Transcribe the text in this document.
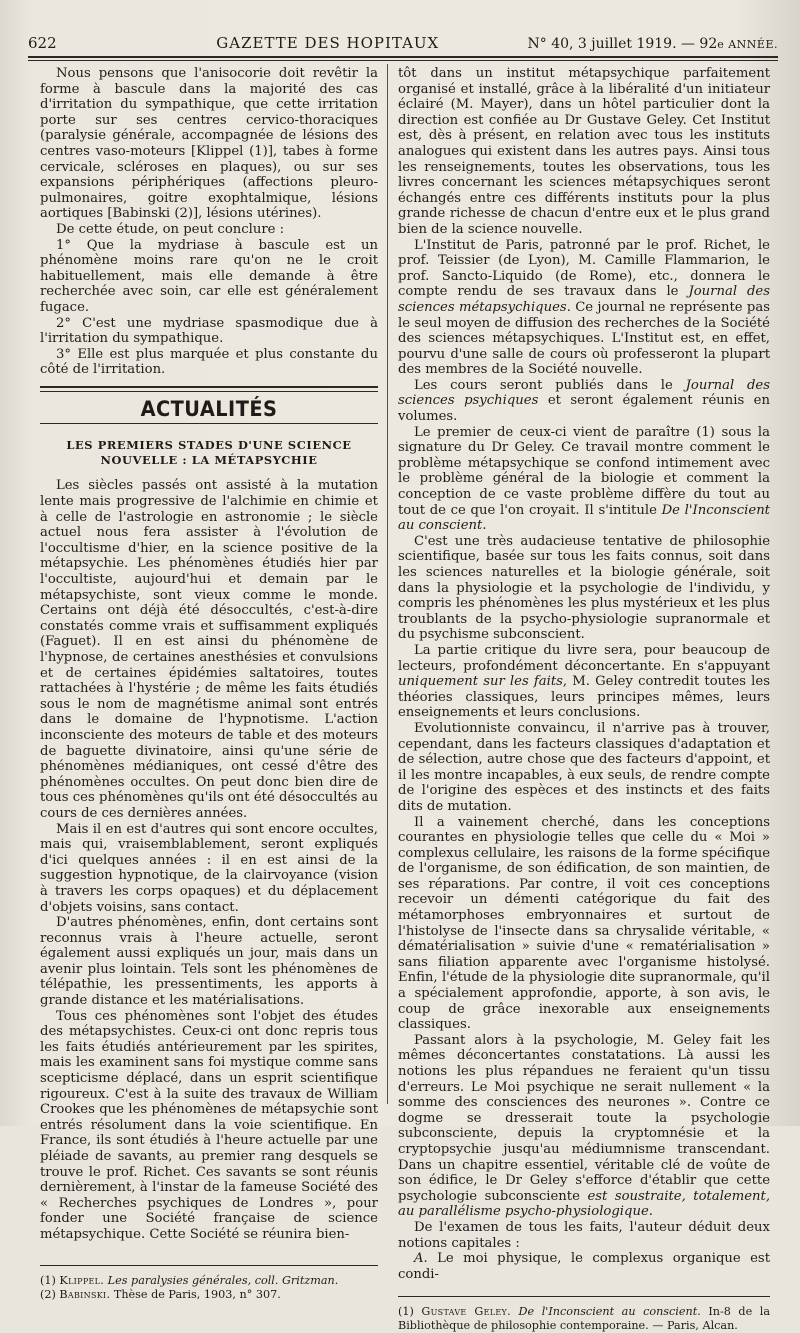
622	GAZETTE DES HOPITAUX	N° 40, 3 juillet 1919. — 92e ANNÉE.

Nous pensons que l'anisocorie doit revêtir la forme à bascule dans la majorité des cas d'irritation du sympathique, que cette irritation porte sur ses centres cervico-thoraciques (paralysie générale, accompagnée de lésions des centres vaso-moteurs [Klippel (1)], tabes à forme cervicale, scléroses en plaques), ou sur ses expansions périphériques (affections pleuro-pulmonaires, goitre exophtalmique, lésions aortiques [Babinski (2)], lésions utérines).

De cette étude, on peut conclure :

1° Que la mydriase à bascule est un phénomène moins rare qu'on ne le croit habituellement, mais elle demande à être recherchée avec soin, car elle est généralement fugace.

2° C'est une mydriase spasmodique due à l'irritation du sympathique.

3° Elle est plus marquée et plus constante du côté de l'irritation.

ACTUALITÉS
LES PREMIERS STADES D'UNE SCIENCE NOUVELLE : LA MÉTAPSYCHIE

Les siècles passés ont assisté à la mutation lente mais progressive de l'alchimie en chimie et à celle de l'astrologie en astronomie ; le siècle actuel nous fera assister à l'évolution de l'occultisme d'hier, en la science positive de la métapsychie. Les phénomènes étudiés hier par l'occultiste, aujourd'hui et demain par le métapsychiste, sont vieux comme le monde. Certains ont déjà été désoccultés, c'est-à-dire constatés comme vrais et suffisamment expliqués (Faguet). Il en est ainsi du phénomène de l'hypnose, de certaines anesthésies et convulsions et de certaines épidémies saltatoires, toutes rattachées à l'hystérie ; de même les faits étudiés sous le nom de magnétisme animal sont entrés dans le domaine de l'hypnotisme. L'action inconsciente des moteurs de table et des moteurs de baguette divinatoire, ainsi qu'une série de phénomènes médianiques, ont cessé d'être des phénomènes occultes. On peut donc bien dire de tous ces phénomènes qu'ils ont été désoccultés au cours de ces dernières années.

Mais il en est d'autres qui sont encore occultes, mais qui, vraisemblablement, seront expliqués d'ici quelques années : il en est ainsi de la suggestion hypnotique, de la clairvoyance (vision à travers les corps opaques) et du déplacement d'objets voisins, sans contact.

D'autres phénomènes, enfin, dont certains sont reconnus vrais à l'heure actuelle, seront également aussi expliqués un jour, mais dans un avenir plus lointain. Tels sont les phénomènes de télépathie, les pressentiments, les apports à grande distance et les matérialisations.

Tous ces phénomènes sont l'objet des études des métapsychistes. Ceux-ci ont donc repris tous les faits étudiés antérieurement par les spirites, mais les examinent sans foi mystique comme sans scepticisme déplacé, dans un esprit scientifique rigoureux. C'est à la suite des travaux de William Crookes que les phénomènes de métapsychie sont entrés résolument dans la voie scientifique. En France, ils sont étudiés à l'heure actuelle par une pléiade de savants, au premier rang desquels se trouve le prof. Richet. Ces savants se sont réunis dernièrement, à l'instar de la fameuse Société des « Recherches psychiques de Londres », pour fonder une Société française de science métapsychique. Cette Société se réunira bien-

(1) Klippel. Les paralysies générales, coll. Gritzman.

(2) Babinski. Thèse de Paris, 1903, n° 307.

tôt dans un institut métapsychique parfaitement organisé et installé, grâce à la libéralité d'un initiateur éclairé (M. Mayer), dans un hôtel particulier dont la direction est confiée au Dr Gustave Geley. Cet Institut est, dès à présent, en relation avec tous les instituts analogues qui existent dans les autres pays. Ainsi tous les renseignements, toutes les observations, tous les livres concernant les sciences métapsychiques seront échangés entre ces différents instituts pour la plus grande richesse de chacun d'entre eux et le plus grand bien de la science nouvelle.

L'Institut de Paris, patronné par le prof. Richet, le prof. Teissier (de Lyon), M. Camille Flammarion, le prof. Sancto-Liquido (de Rome), etc., donnera le compte rendu de ses travaux dans le Journal des sciences métapsychiques. Ce journal ne représente pas le seul moyen de diffusion des recherches de la Société des sciences métapsychiques. L'Institut est, en effet, pourvu d'une salle de cours où professeront la plupart des membres de la Société nouvelle.

Les cours seront publiés dans le Journal des sciences psychiques et seront également réunis en volumes.

Le premier de ceux-ci vient de paraître (1) sous la signature du Dr Geley. Ce travail montre comment le problème métapsychique se confond intimement avec le problème général de la biologie et comment la conception de ce vaste problème diffère du tout au tout de ce que l'on croyait. Il s'intitule De l'Inconscient au conscient.

C'est une très audacieuse tentative de philosophie scientifique, basée sur tous les faits connus, soit dans les sciences naturelles et la biologie générale, soit dans la physiologie et la psychologie de l'individu, y compris les phénomènes les plus mystérieux et les plus troublants de la psycho-physiologie supranormale et du psychisme subconscient.

La partie critique du livre sera, pour beaucoup de lecteurs, profondément déconcertante. En s'appuyant uniquement sur les faits, M. Geley contredit toutes les théories classiques, leurs principes mêmes, leurs enseignements et leurs conclusions.

Evolutionniste convaincu, il n'arrive pas à trouver, cependant, dans les facteurs classiques d'adaptation et de sélection, autre chose que des facteurs d'appoint, et il les montre incapables, à eux seuls, de rendre compte de l'origine des espèces et des instincts et des faits dits de mutation.

Il a vainement cherché, dans les conceptions courantes en physiologie telles que celle du « Moi » complexus cellulaire, les raisons de la forme spécifique de l'organisme, de son édification, de son maintien, de ses réparations. Par contre, il voit ces conceptions recevoir un démenti catégorique du fait des métamorphoses embryonnaires et surtout de l'histolyse de l'insecte dans sa chrysalide véritable, « dématérialisation » suivie d'une « rematérialisation » sans filiation apparente avec l'organisme histolysé. Enfin, l'étude de la physiologie dite supranormale, qu'il a spécialement approfondie, apporte, à son avis, le coup de grâce inexorable aux enseignements classiques.

Passant alors à la psychologie, M. Geley fait les mêmes déconcertantes constatations. Là aussi les notions les plus répandues ne feraient qu'un tissu d'erreurs. Le Moi psychique ne serait nullement « la somme des consciences des neurones ». Contre ce dogme se dresserait toute la psychologie subconsciente, depuis la cryptomnésie et la cryptopsychie jusqu'au médiumnisme transcendant. Dans un chapitre essentiel, véritable clé de voûte de son édifice, le Dr Geley s'efforce d'établir que cette psychologie subconsciente est soustraite, totalement, au parallélisme psycho-physiologique.

De l'examen de tous les faits, l'auteur déduit deux notions capitales :

A. Le moi physique, le complexus organique est condi-

(1) Gustave Geley. De l'Inconscient au conscient. In-8 de la Bibliothèque de philosophie contemporaine. — Paris, Alcan.
